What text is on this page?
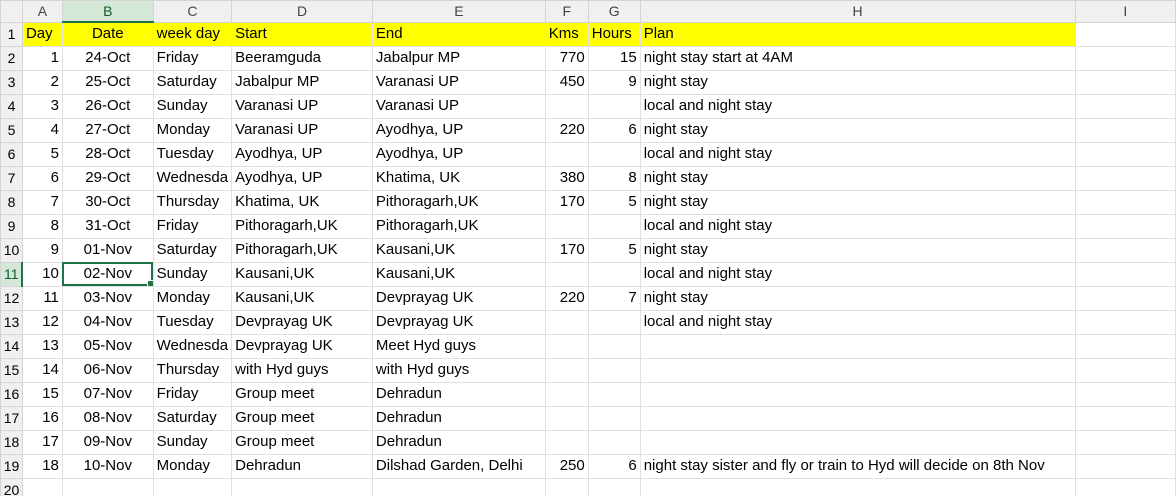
	A	B	C	D	E	F	G	H	I
1	Day	Date	week day	Start	End	Kms	Hours	Plan	
2	1	24-Oct	Friday	Beeramguda	Jabalpur MP	770	15	night stay start at 4AM	
3	2	25-Oct	Saturday	Jabalpur MP	Varanasi UP	450	9	night stay	
4	3	26-Oct	Sunday	Varanasi UP	Varanasi UP			local and night stay	
5	4	27-Oct	Monday	Varanasi UP	Ayodhya, UP	220	6	night stay	
6	5	28-Oct	Tuesday	Ayodhya, UP	Ayodhya, UP			local and night stay	
7	6	29-Oct	Wednesda	Ayodhya, UP	Khatima, UK	380	8	night stay	
8	7	30-Oct	Thursday	Khatima, UK	Pithoragarh,UK	170	5	night stay	
9	8	31-Oct	Friday	Pithoragarh,UK	Pithoragarh,UK			local and night stay	
10	9	01-Nov	Saturday	Pithoragarh,UK	Kausani,UK	170	5	night stay	
11	10	02-Nov	Sunday	Kausani,UK	Kausani,UK			local and night stay	
12	11	03-Nov	Monday	Kausani,UK	Devprayag UK	220	7	night stay	
13	12	04-Nov	Tuesday	Devprayag UK	Devprayag UK			local and night stay	
14	13	05-Nov	Wednesda	Devprayag UK	Meet Hyd guys				
15	14	06-Nov	Thursday	with Hyd guys	with Hyd guys				
16	15	07-Nov	Friday	Group meet	Dehradun				
17	16	08-Nov	Saturday	Group meet	Dehradun				
18	17	09-Nov	Sunday	Group meet	Dehradun				
19	18	10-Nov	Monday	Dehradun	Dilshad Garden, Delhi	250	6	night stay sister and fly or train to Hyd will decide on 8th Nov	
20									
